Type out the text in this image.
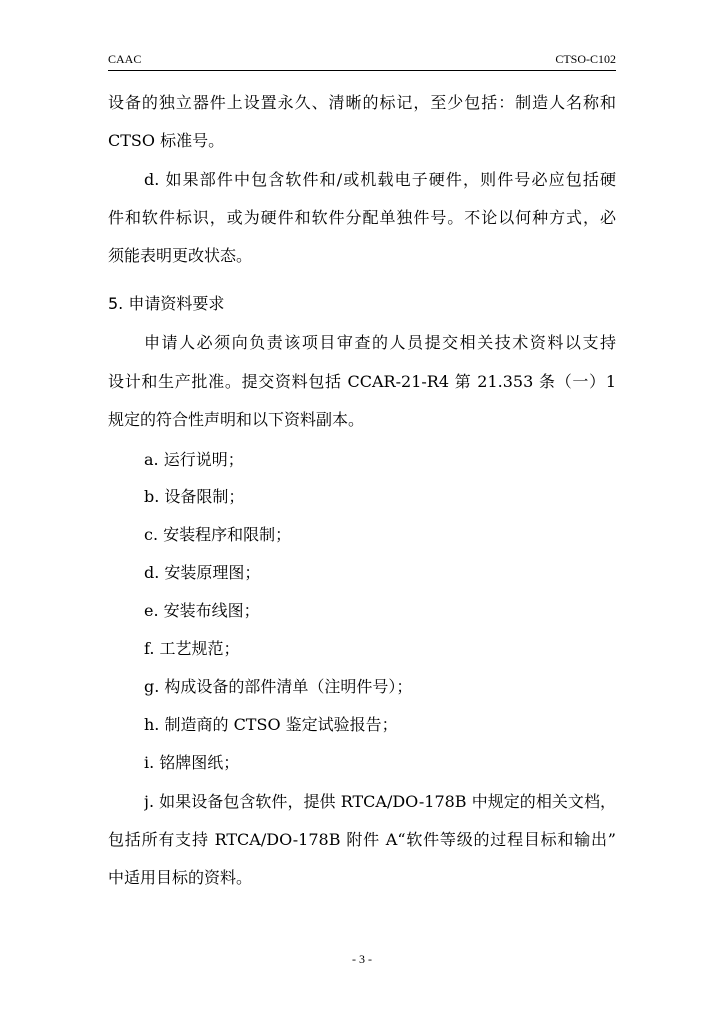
CAAC	CTSO-C102
设备的独立器件上设置永久、清晰的标记，至少包括：制造人名称和
CTSO 标准号。
d. 如果部件中包含软件和/或机载电子硬件，则件号必应包括硬
件和软件标识，或为硬件和软件分配单独件号。不论以何种方式，必
须能表明更改状态。
5. 申请资料要求
申请人必须向负责该项目审查的人员提交相关技术资料以支持
设计和生产批准。提交资料包括 CCAR-21-R4 第 21.353 条（一）1
规定的符合性声明和以下资料副本。
a. 运行说明；
b. 设备限制；
c. 安装程序和限制；
d. 安装原理图；
e. 安装布线图；
f. 工艺规范；
g. 构成设备的部件清单（注明件号）；
h. 制造商的 CTSO 鉴定试验报告；
i. 铭牌图纸；
j. 如果设备包含软件，提供 RTCA/DO-178B 中规定的相关文档，
包括所有支持 RTCA/DO-178B 附件 A“软件等级的过程目标和输出”
中适用目标的资料。
- 3 -
